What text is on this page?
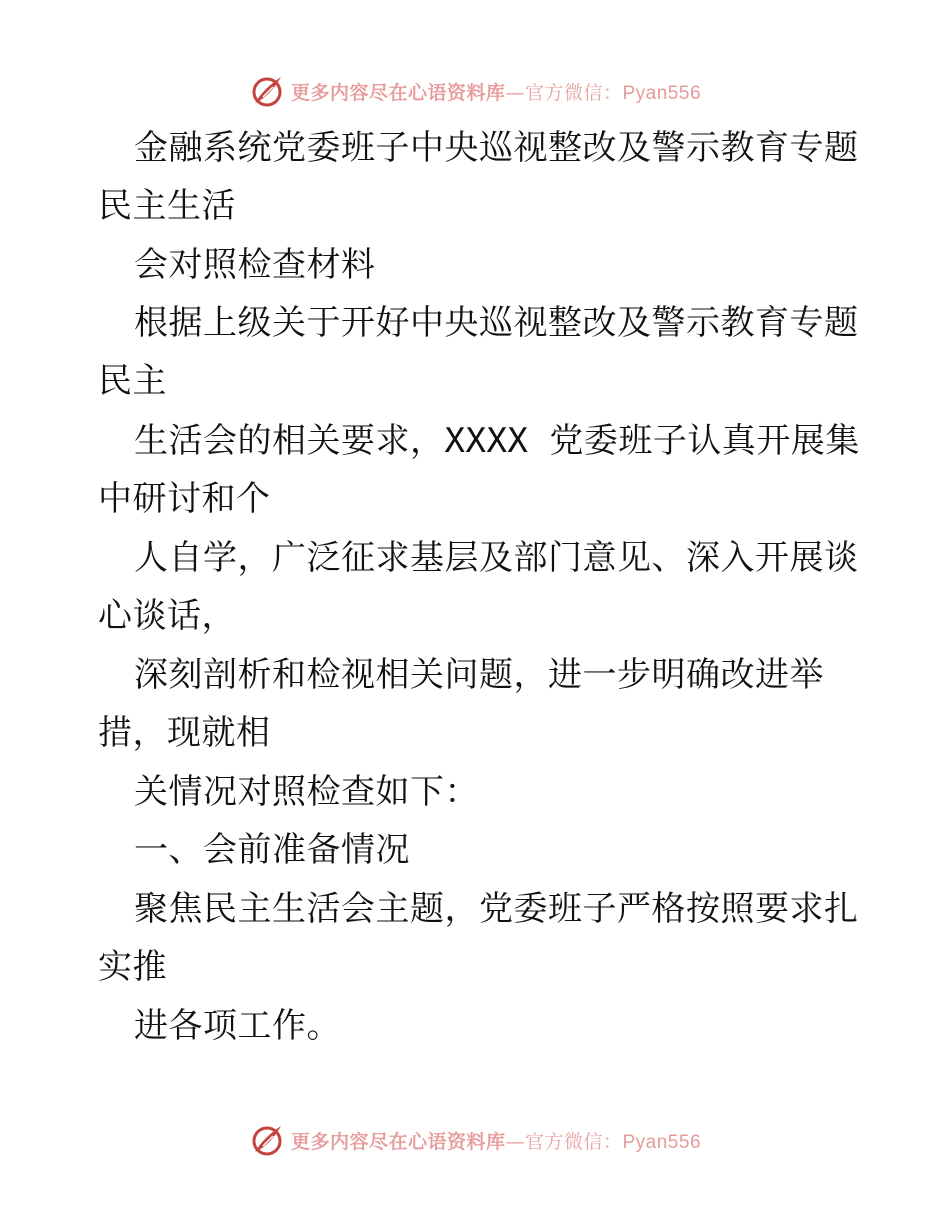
更多内容尽在心语资料库—官方微信：Pyan556
金融系统党委班子中央巡视整改及警示教育专题
民主生活
会对照检查材料
根据上级关于开好中央巡视整改及警示教育专题
民主
生活会的相关要求，XXXX 党委班子认真开展集
中研讨和个
人自学，广泛征求基层及部门意见、深入开展谈
心谈话，
深刻剖析和检视相关问题，进一步明确改进举
措，现就相
关情况对照检查如下：
一、会前准备情况
聚焦民主生活会主题，党委班子严格按照要求扎
实推
进各项工作。
更多内容尽在心语资料库—官方微信：Pyan556
